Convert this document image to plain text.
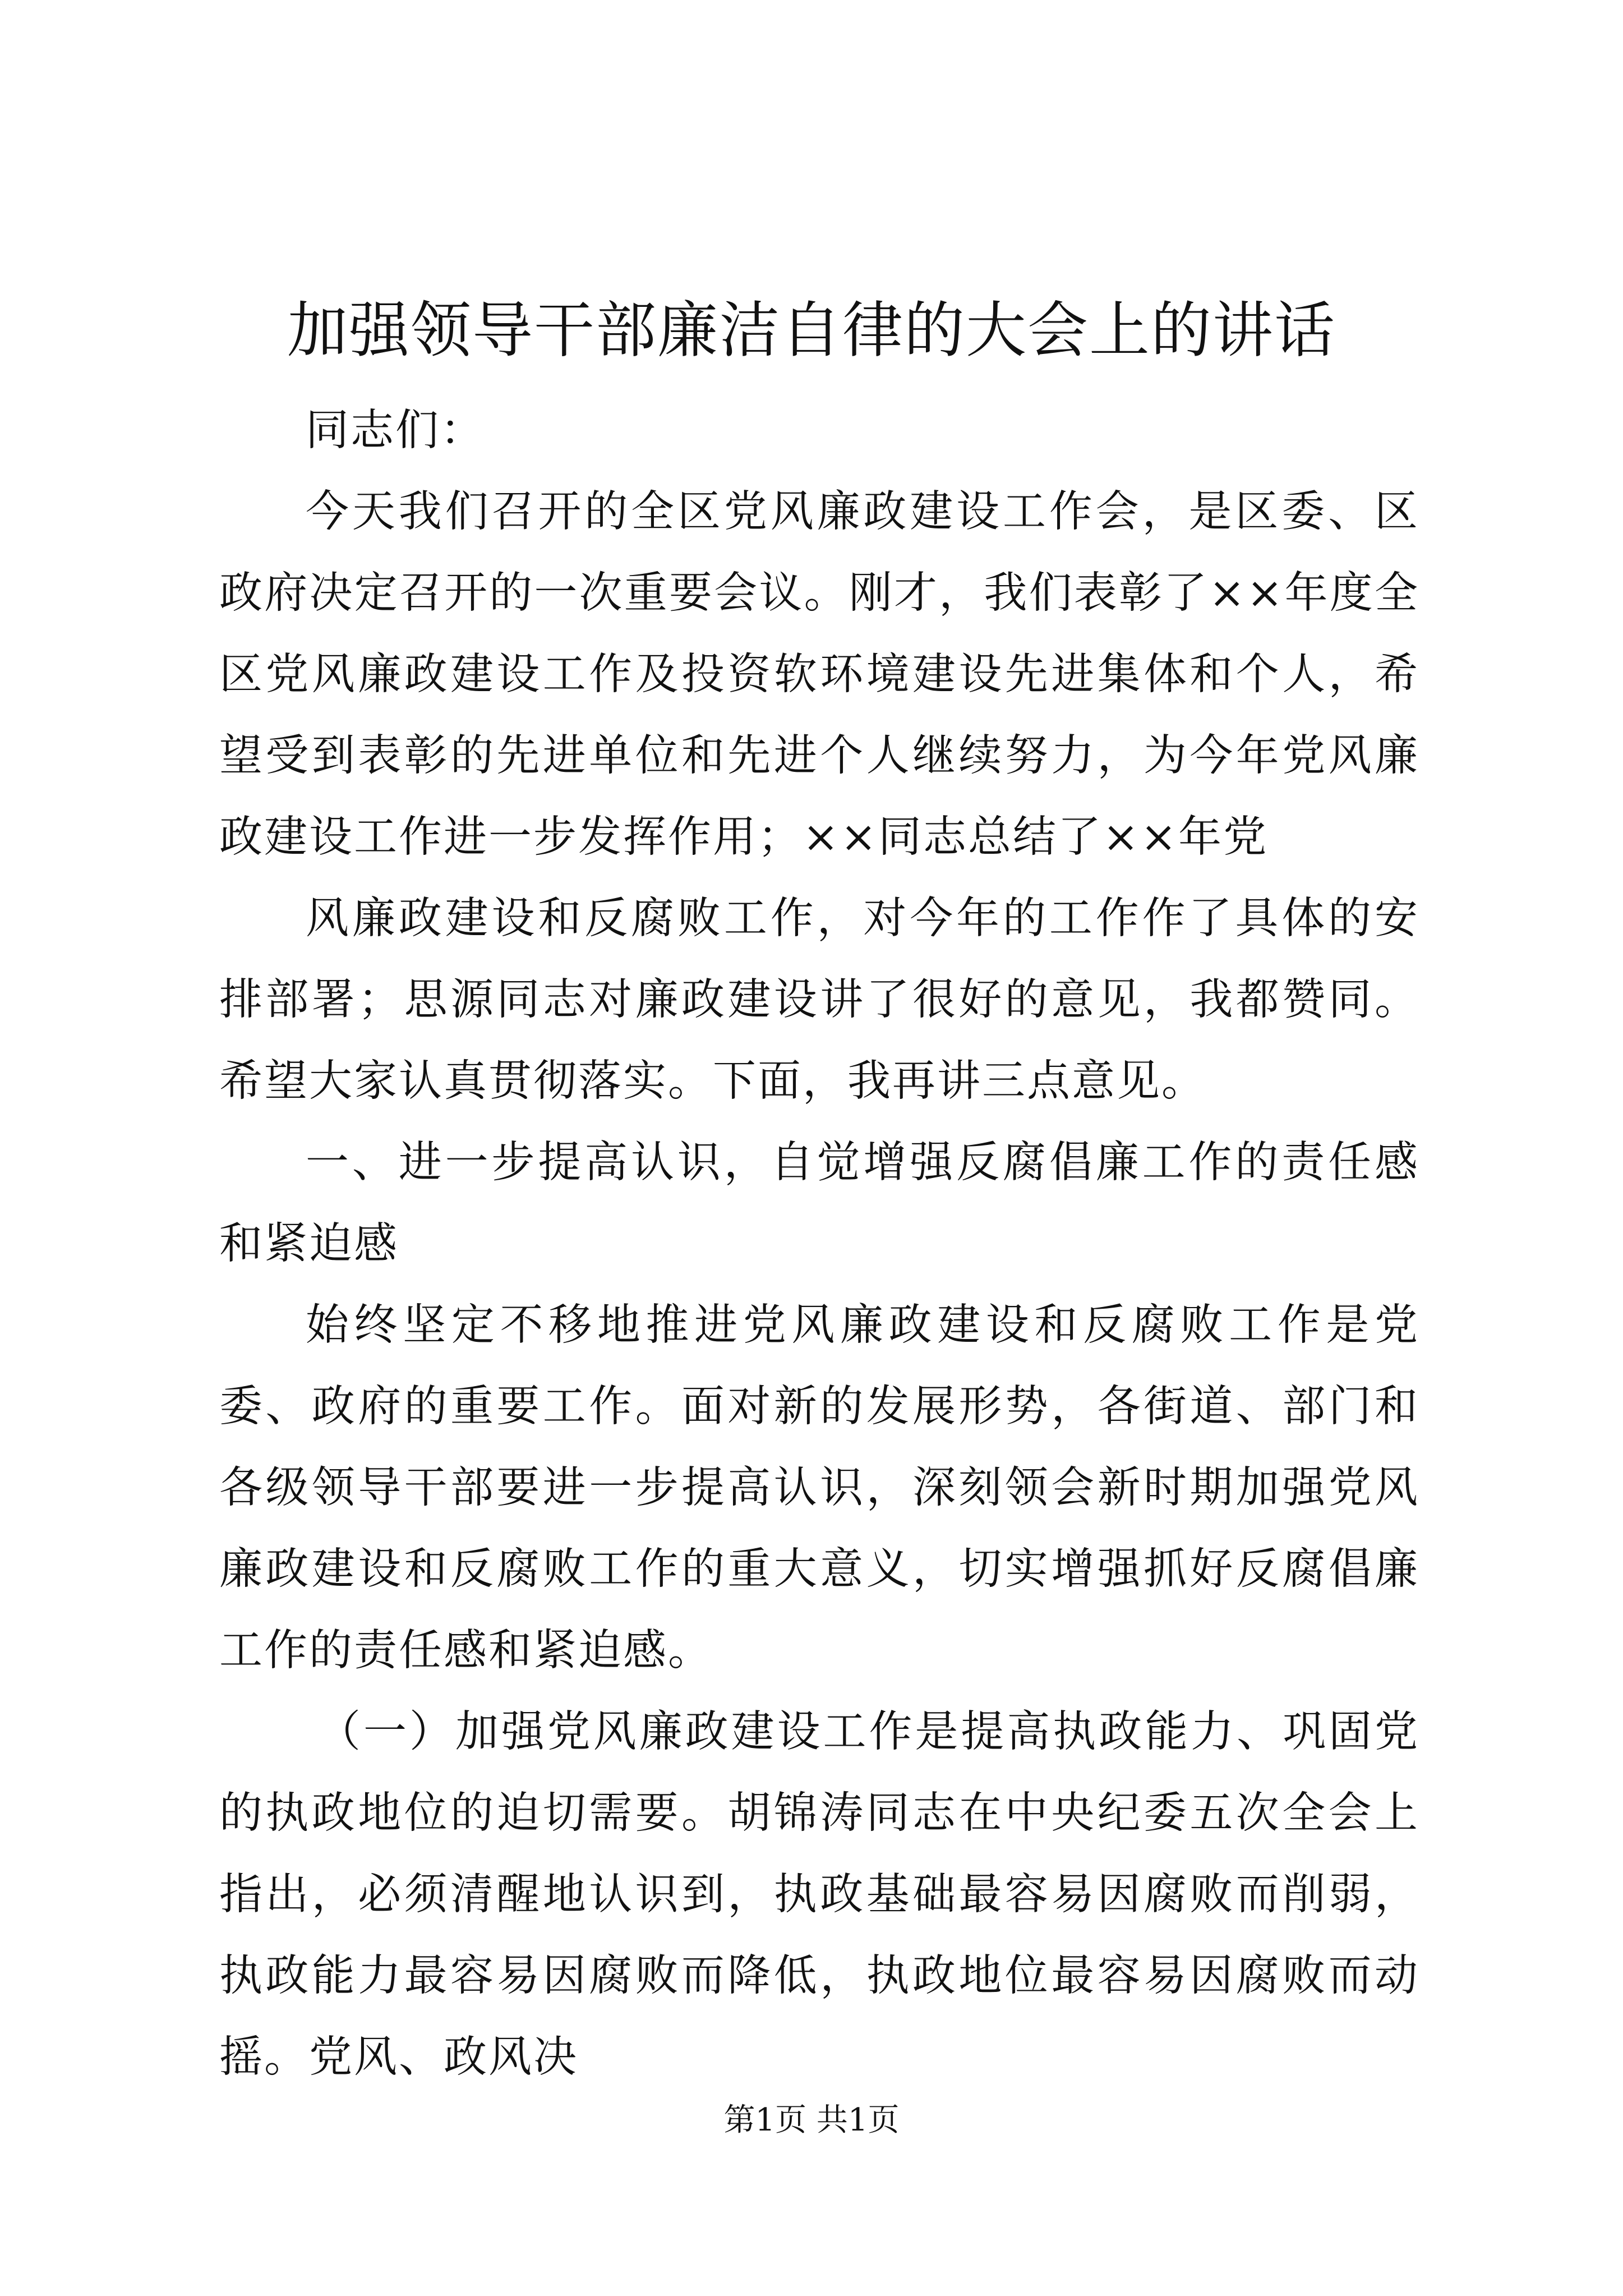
加强领导干部廉洁自律的大会上的讲话

同志们：

今天我们召开的全区党风廉政建设工作会，是区委、区政府决定召开的一次重要会议。刚才，我们表彰了××年度全区党风廉政建设工作及投资软环境建设先进集体和个人，希望受到表彰的先进单位和先进个人继续努力，为今年党风廉政建设工作进一步发挥作用；××同志总结了××年党

风廉政建设和反腐败工作，对今年的工作作了具体的安排部署；思源同志对廉政建设讲了很好的意见，我都赞同。希望大家认真贯彻落实。下面，我再讲三点意见。

一、进一步提高认识，自觉增强反腐倡廉工作的责任感和紧迫感

始终坚定不移地推进党风廉政建设和反腐败工作是党委、政府的重要工作。面对新的发展形势，各街道、部门和各级领导干部要进一步提高认识，深刻领会新时期加强党风廉政建设和反腐败工作的重大意义，切实增强抓好反腐倡廉工作的责任感和紧迫感。

（一）加强党风廉政建设工作是提高执政能力、巩固党的执政地位的迫切需要。胡锦涛同志在中央纪委五次全会上指出，必须清醒地认识到，执政基础最容易因腐败而削弱，执政能力最容易因腐败而降低，执政地位最容易因腐败而动摇。党风、政风决

第1页 共1页
